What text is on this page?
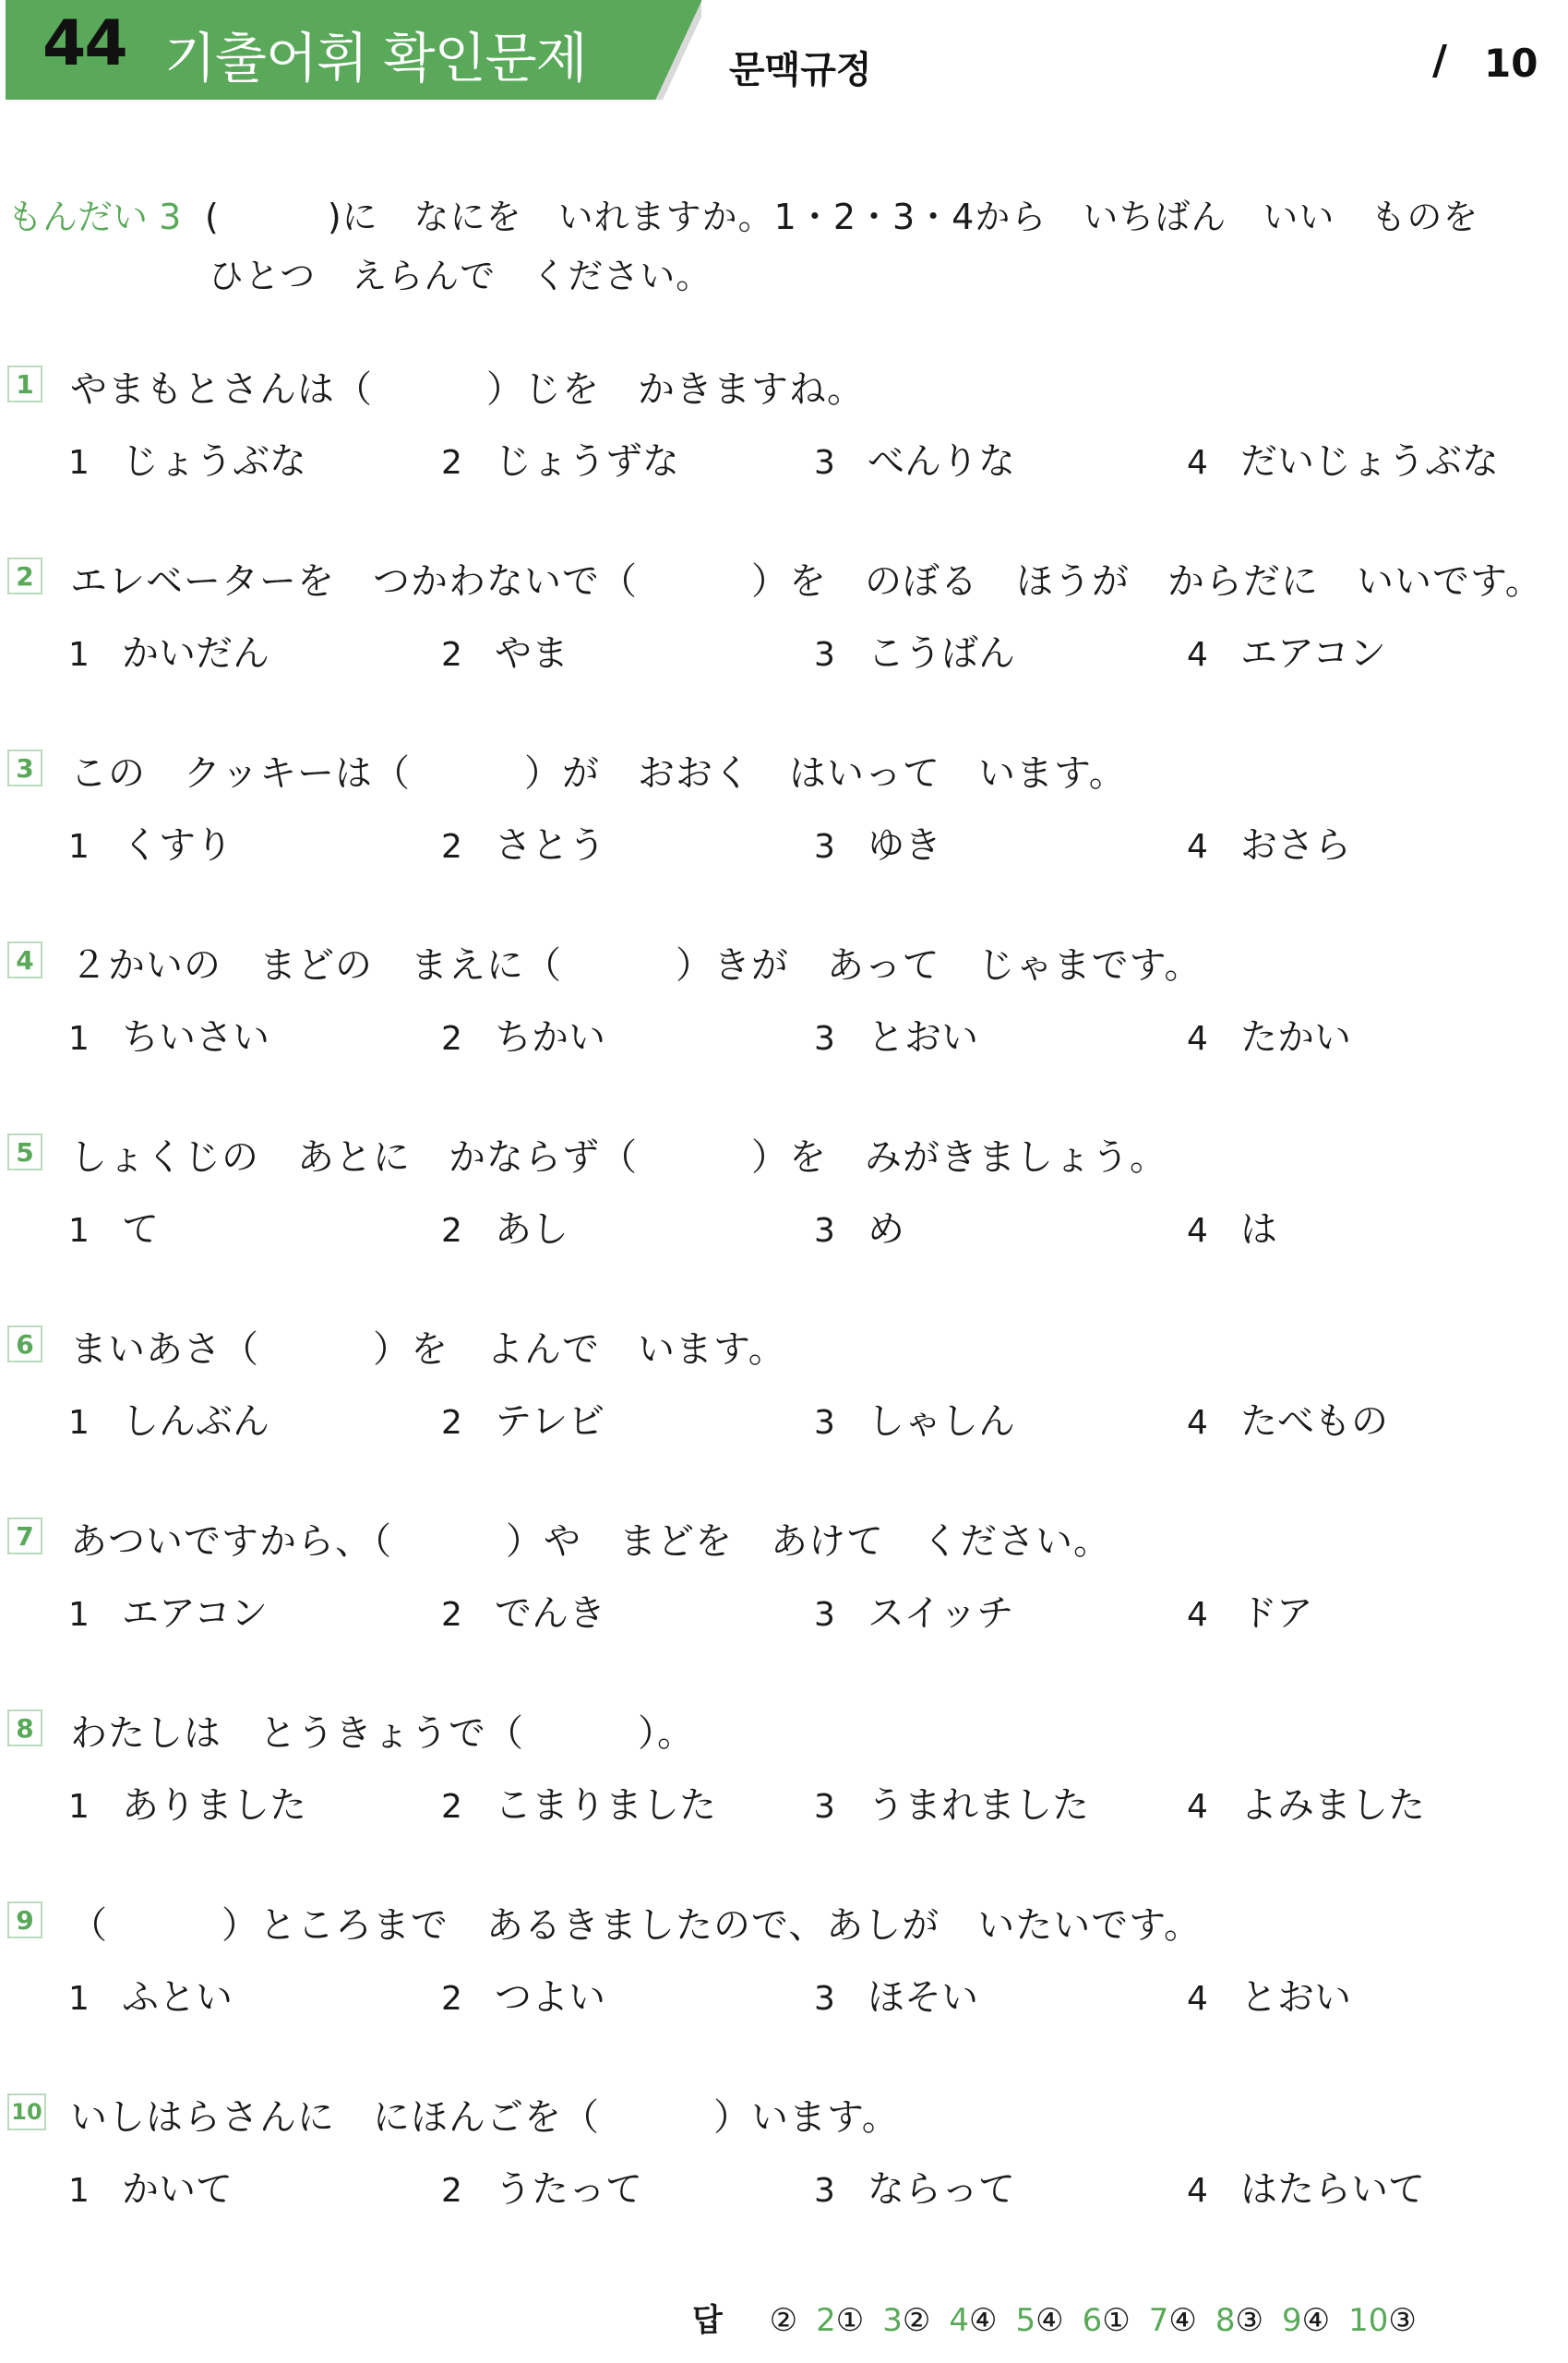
44 기출어휘 확인문제	문맥규정	/ 10
もんだい 3 (　　　)に　なにを　いれますか。1・2・3・4から　いちばん　いい　ものを
ひとつ　えらんで　ください。
1 やまもとさんは（　　　）じを　かきますね。
1 じょうぶな	2 じょうずな	3 べんりな	4 だいじょうぶな
2 エレベーターを　つかわないで（　　　）を　のぼる　ほうが　からだに　いいです。
1 かいだん	2 やま	3 こうばん	4 エアコン
3 この　クッキーは（　　　）が　おおく　はいって　います。
1 くすり	2 さとう	3 ゆき	4 おさら
4 ２かいの　まどの　まえに（　　　）きが　あって　じゃまです。
1 ちいさい	2 ちかい	3 とおい	4 たかい
5 しょくじの　あとに　かならず（　　　）を　みがきましょう。
1 て	2 あし	3 め	4 は
6 まいあさ（　　　）を　よんで　います。
1 しんぶん	2 テレビ	3 しゃしん	4 たべもの
7 あついですから、（　　　）や　まどを　あけて　ください。
1 エアコン	2 でんき	3 スイッチ	4 ドア
8 わたしは　とうきょうで（　　　）。
1 ありました	2 こまりました	3 うまれました	4 よみました
9 （　　　）ところまで　あるきましたので、あしが　いたいです。
1 ふとい	2 つよい	3 ほそい	4 とおい
10 いしはらさんに　にほんごを（　　　）います。
1 かいて	2 うたって	3 ならって	4 はたらいて
답 ② 2① 3② 4④ 5④ 6① 7④ 8③ 9④ 10③
